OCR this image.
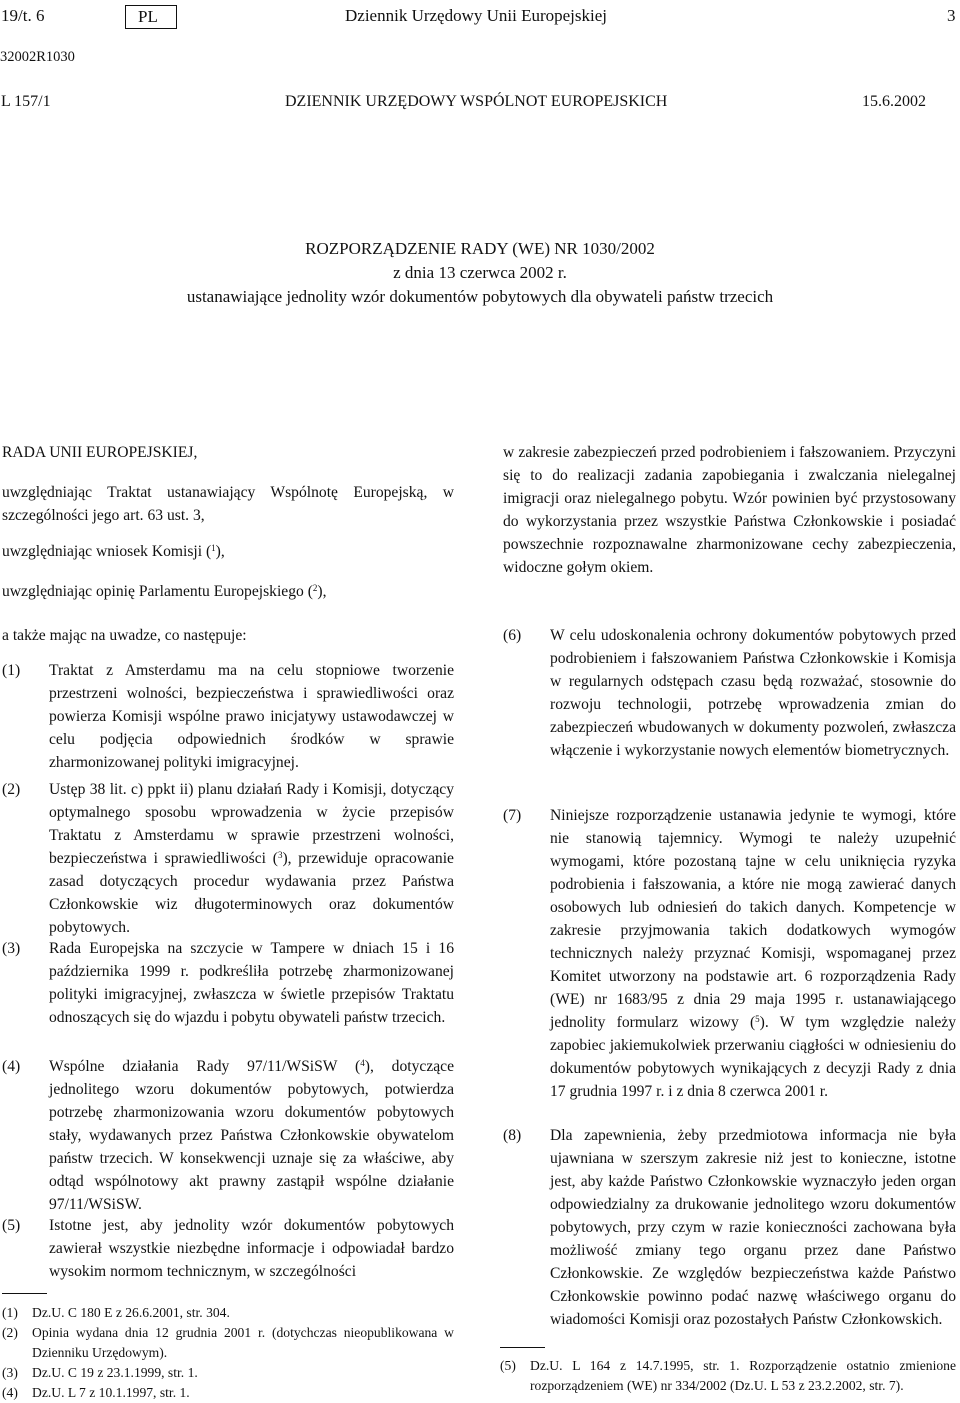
19/t. 6	PL	Dziennik Urzędowy Unii Europejskiej	3
32002R1030
L 157/1	DZIENNIK URZĘDOWY WSPÓLNOT EUROPEJSKICH	15.6.2002
ROZPORZĄDZENIE RADY (WE) NR 1030/2002
z dnia 13 czerwca 2002 r.
ustanawiające jednolity wzór dokumentów pobytowych dla obywateli państw trzecich

RADA UNII EUROPEJSKIEJ,

uwzględniając Traktat ustanawiający Wspólnotę Europejską, w szczególności jego art. 63 ust. 3,

uwzględniając wniosek Komisji ($^1$),

uwzględniając opinię Parlamentu Europejskiego ($^2$),

a także mając na uwadze, co następuje:

(1) Traktat z Amsterdamu ma na celu stopniowe tworzenie przestrzeni wolności, bezpieczeństwa i sprawiedliwości oraz powierza Komisji wspólne prawo inicjatywy ustawodawczej w celu podjęcia odpowiednich środków w sprawie zharmonizowanej polityki imigracyjnej.

(2) Ustęp 38 lit. c) ppkt ii) planu działań Rady i Komisji, dotyczący optymalnego sposobu wprowadzenia w życie przepisów Traktatu z Amsterdamu w sprawie przestrzeni wolności, bezpieczeństwa i sprawiedliwości ($^3$), przewiduje opracowanie zasad dotyczących procedur wydawania przez Państwa Członkowskie wiz długoterminowych oraz dokumentów pobytowych.

(3) Rada Europejska na szczycie w Tampere w dniach 15 i 16 października 1999 r. podkreśliła potrzebę zharmonizowanej polityki imigracyjnej, zwłaszcza w świetle przepisów Traktatu odnoszących się do wjazdu i pobytu obywateli państw trzecich.

(4) Wspólne działania Rady 97/11/WSiSW ($^4$), dotyczące jednolitego wzoru dokumentów pobytowych, potwierdza potrzebę zharmonizowania wzoru dokumentów pobytowych stały, wydawanych przez Państwa Członkowskie obywatelom państw trzecich. W konsekwencji uznaje się za właściwe, aby odtąd wspólnotowy akt prawny zastąpił wspólne działanie 97/11/WSiSW.

(5) Istotne jest, aby jednolity wzór dokumentów pobytowych zawierał wszystkie niezbędne informacje i odpowiadał bardzo wysokim normom technicznym, w szczególności

(1) Dz.U. C 180 E z 26.6.2001, str. 304.
(2) Opinia wydana dnia 12 grudnia 2001 r. (dotychczas nieopublikowana w Dzienniku Urzędowym).
(3) Dz.U. C 19 z 23.1.1999, str. 1.
(4) Dz.U. L 7 z 10.1.1997, str. 1.

w zakresie zabezpieczeń przed podrobieniem i fałszowaniem. Przyczyni się to do realizacji zadania zapobiegania i zwalczania nielegalnej imigracji oraz nielegalnego pobytu. Wzór powinien być przystosowany do wykorzystania przez wszystkie Państwa Członkowskie i posiadać powszechnie rozpoznawalne zharmonizowane cechy zabezpieczenia, widoczne gołym okiem.

(6) W celu udoskonalenia ochrony dokumentów pobytowych przed podrobieniem i fałszowaniem Państwa Członkowskie i Komisja w regularnych odstępach czasu będą rozważać, stosownie do rozwoju technologii, potrzebę wprowadzenia zmian do zabezpieczeń wbudowanych w dokumenty pozwoleń, zwłaszcza włączenie i wykorzystanie nowych elementów biometrycznych.

(7) Niniejsze rozporządzenie ustanawia jedynie te wymogi, które nie stanowią tajemnicy. Wymogi te należy uzupełnić wymogami, które pozostaną tajne w celu uniknięcia ryzyka podrobienia i fałszowania, a które nie mogą zawierać danych osobowych lub odniesień do takich danych. Kompetencje w zakresie przyjmowania takich dodatkowych wymogów technicznych należy przyznać Komisji, wspomaganej przez Komitet utworzony na podstawie art. 6 rozporządzenia Rady (WE) nr 1683/95 z dnia 29 maja 1995 r. ustanawiającego jednolity formularz wizowy ($^5$). W tym względzie należy zapobiec jakiemukolwiek przerwaniu ciągłości w odniesieniu do dokumentów pobytowych wynikających z decyzji Rady z dnia 17 grudnia 1997 r. i z dnia 8 czerwca 2001 r.

(8) Dla zapewnienia, żeby przedmiotowa informacja nie była ujawniana w szerszym zakresie niż jest to konieczne, istotne jest, aby każde Państwo Członkowskie wyznaczyło jeden organ odpowiedzialny za drukowanie jednolitego wzoru dokumentów pobytowych, przy czym w razie konieczności zachowana była możliwość zmiany tego organu przez dane Państwo Członkowskie. Ze względów bezpieczeństwa każde Państwo Członkowskie powinno podać nazwę właściwego organu do wiadomości Komisji oraz pozostałych Państw Członkowskich.

(5) Dz.U. L 164 z 14.7.1995, str. 1. Rozporządzenie ostatnio zmienione rozporządzeniem (WE) nr 334/2002 (Dz.U. L 53 z 23.2.2002, str. 7).
